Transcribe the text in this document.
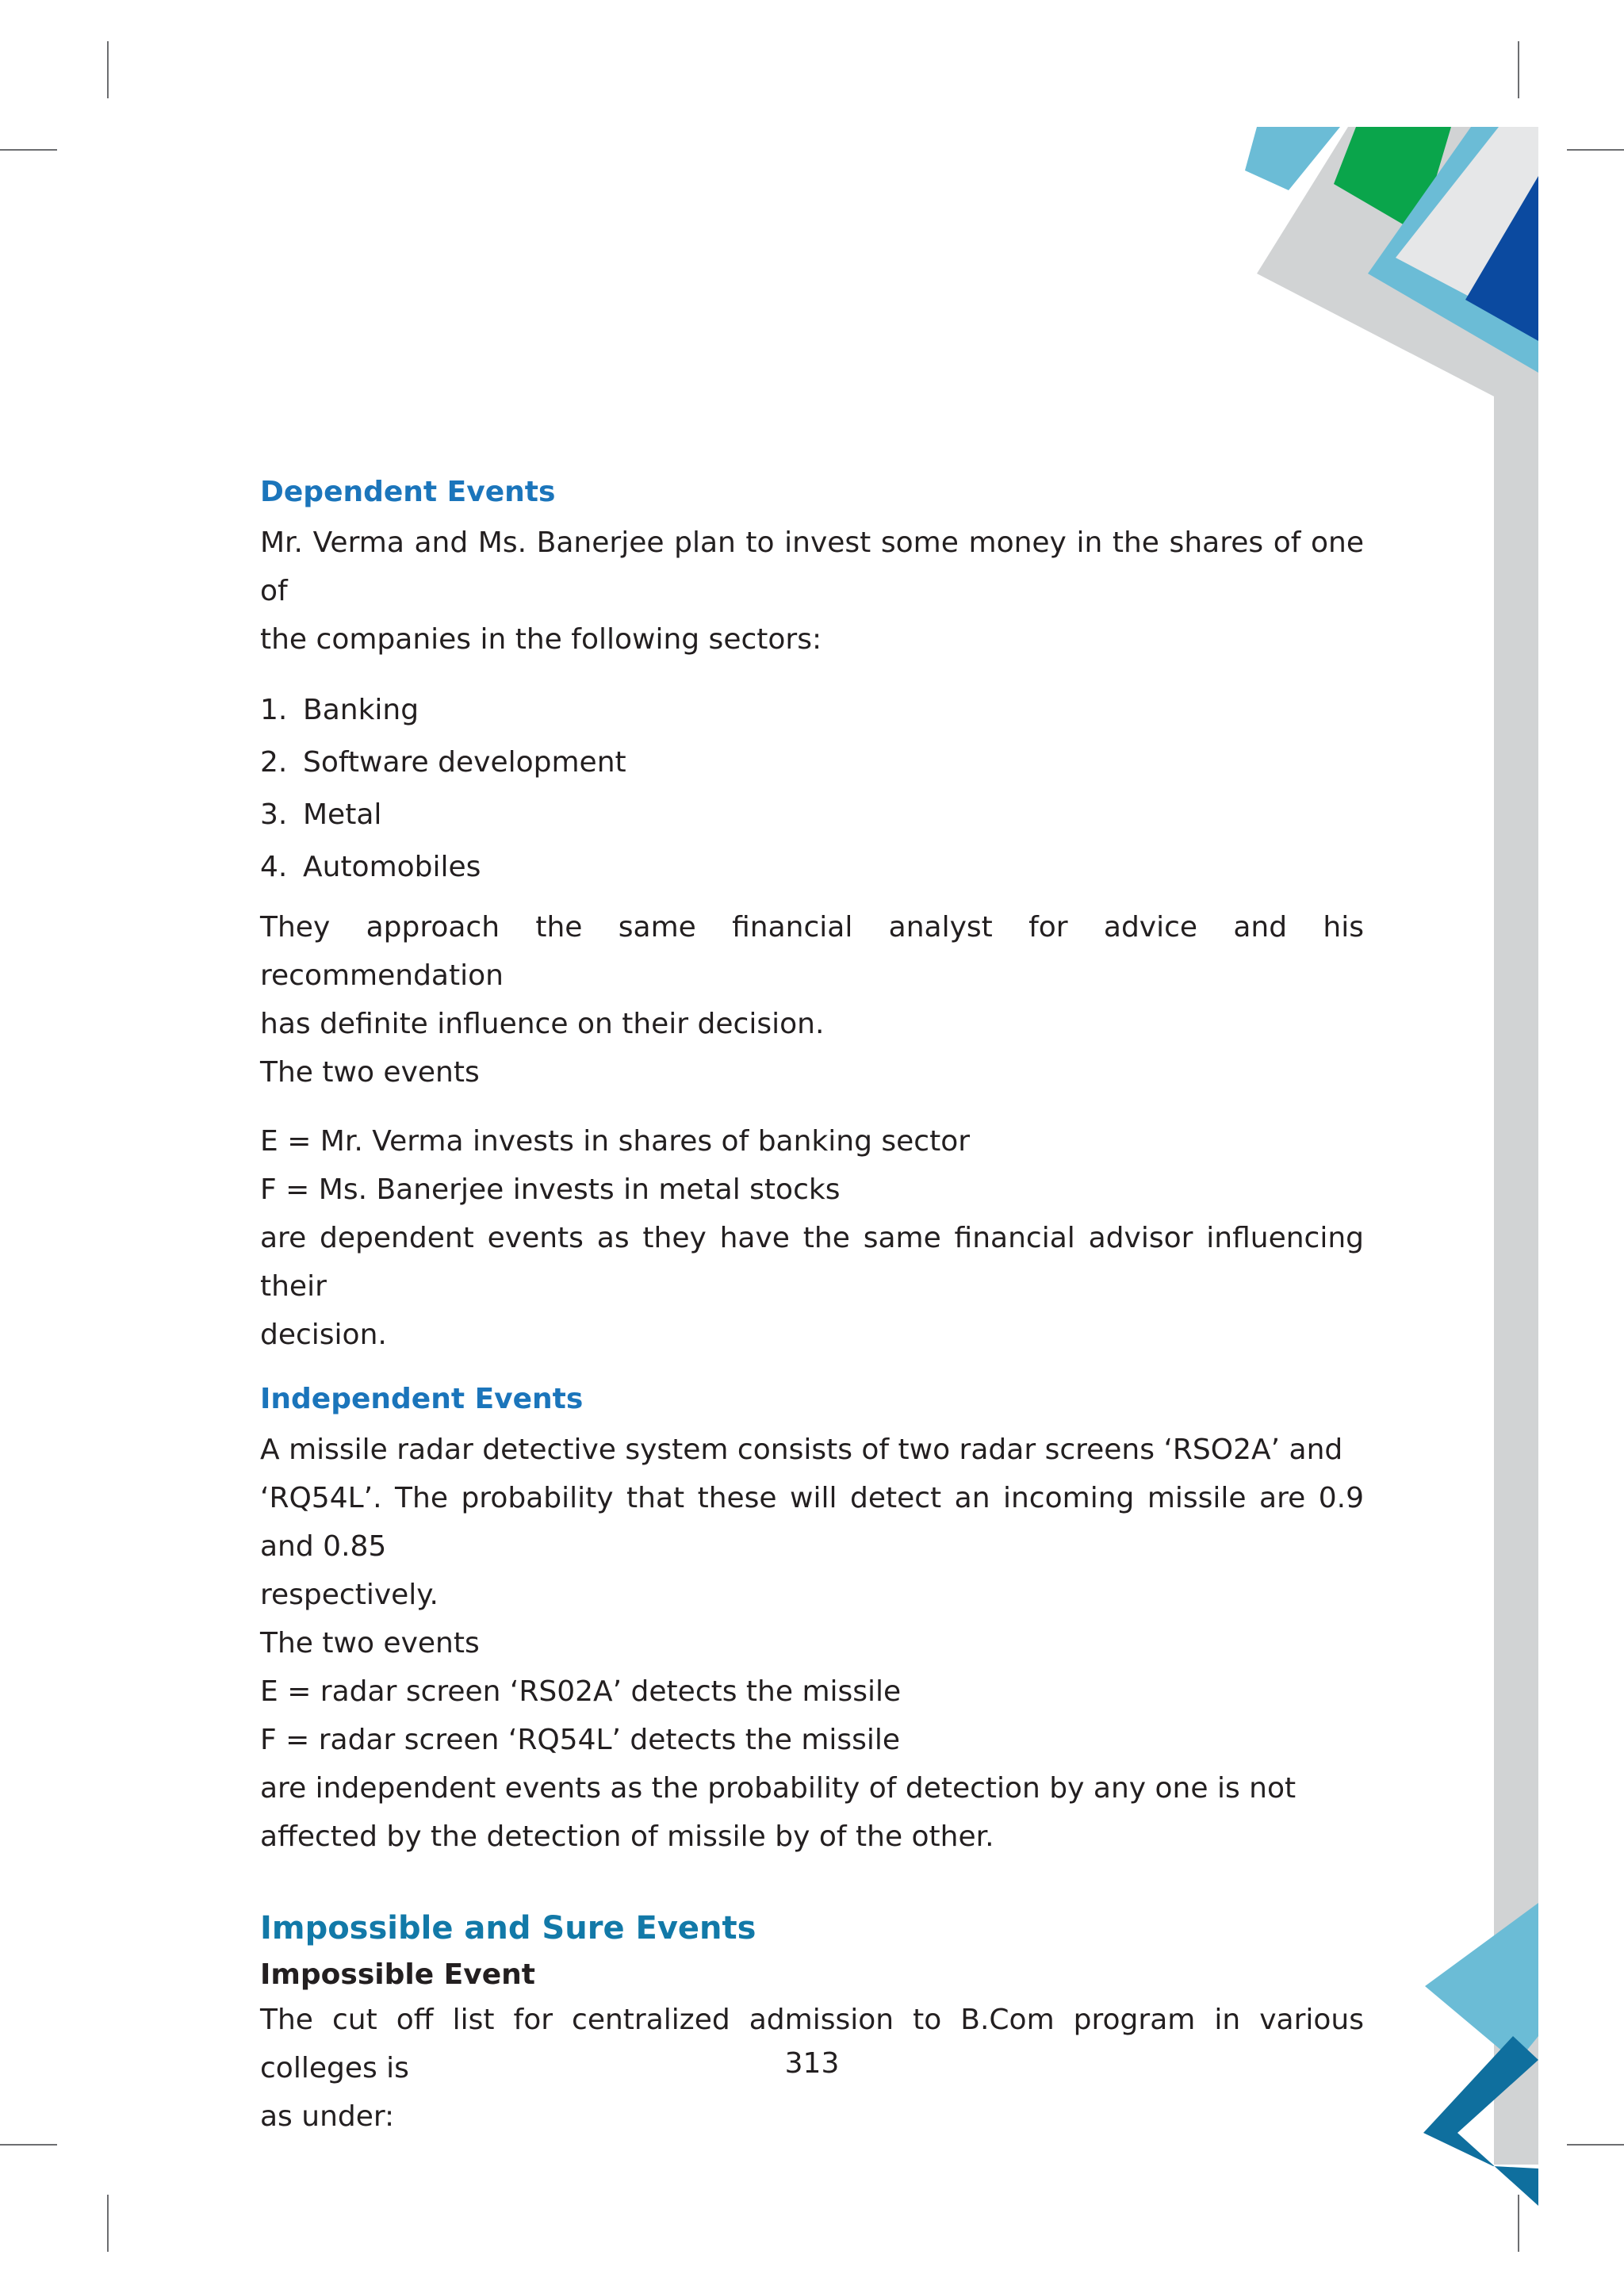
Dependent Events
Mr. Verma and Ms. Banerjee plan to invest some money in the shares of one of
the companies in the following sectors:
1. Banking
2. Software development
3. Metal
4. Automobiles
They approach the same financial analyst for advice and his recommendation
has definite influence on their decision.
The two events
E = Mr. Verma invests in shares of banking sector
F = Ms. Banerjee invests in metal stocks
are dependent events as they have the same financial advisor influencing their
decision.
Independent Events
A missile radar detective system consists of two radar screens ‘RSO2A’ and
‘RQ54L’. The probability that these will detect an incoming missile are 0.9 and 0.85
respectively.
The two events
E = radar screen ‘RS02A’ detects the missile
F = radar screen ‘RQ54L’ detects the missile
are independent events as the probability of detection by any one is not
affected by the detection of missile by of the other.
Impossible and Sure Events
Impossible Event
The cut off list for centralized admission to B.Com program in various colleges is
as under:
313
